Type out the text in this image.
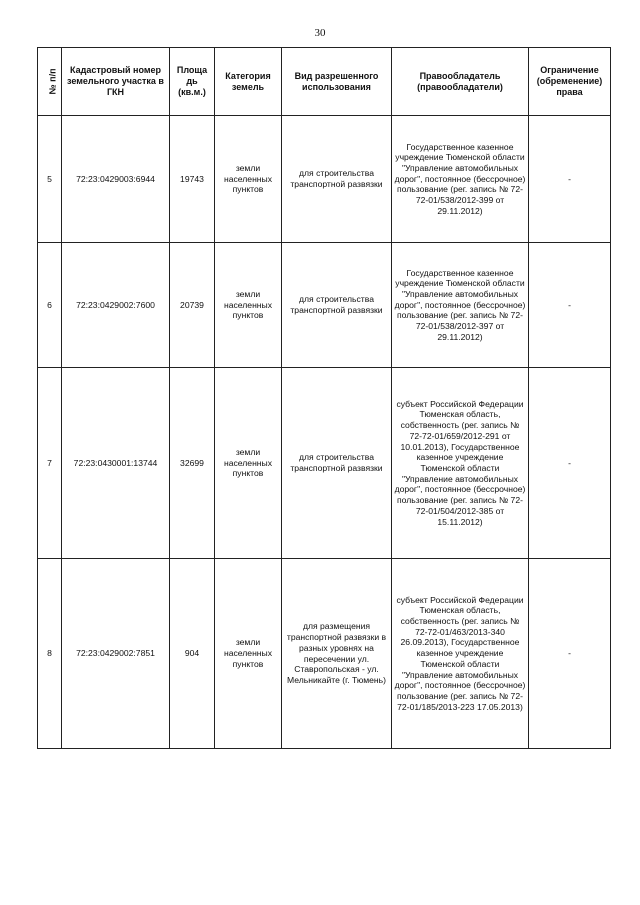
30
№ п/п	Кадастровый номер земельного участка в ГКН	Площа дь (кв.м.)	Категория земель	Вид разрешенного использования	Правообладатель (правообладатели)	Ограничение (обременение) права
5	72:23:0429003:6944	19743	земли населенных пунктов	для строительства транспортной развязки	Государственное казенное учреждение Тюменской области "Управление автомобильных дорог", постоянное (бессрочное) пользование (рег. запись № 72-72-01/538/2012-399 от 29.11.2012)	-
6	72:23:0429002:7600	20739	земли населенных пунктов	для строительства транспортной развязки	Государственное казенное учреждение Тюменской области "Управление автомобильных дорог", постоянное (бессрочное) пользование (рег. запись № 72-72-01/538/2012-397 от 29.11.2012)	-
7	72:23:0430001:13744	32699	земли населенных пунктов	для строительства транспортной развязки	субъект Российской Федерации Тюменская область, собственность (рег. запись № 72-72-01/659/2012-291 от 10.01.2013), Государственное казенное учреждение Тюменской области "Управление автомобильных дорог", постоянное (бессрочное) пользование (рег. запись № 72-72-01/504/2012-385 от 15.11.2012)	-
8	72:23:0429002:7851	904	земли населенных пунктов	для размещения транспортной развязки в разных уровнях на пересечении ул. Ставропольская - ул. Мельникайте (г. Тюмень)	субъект Российской Федерации Тюменская область, собственность (рег. запись № 72-72-01/463/2013-340 26.09.2013), Государственное казенное учреждение Тюменской области "Управление автомобильных дорог", постоянное (бессрочное) пользование (рег. запись № 72-72-01/185/2013-223 17.05.2013)	-
